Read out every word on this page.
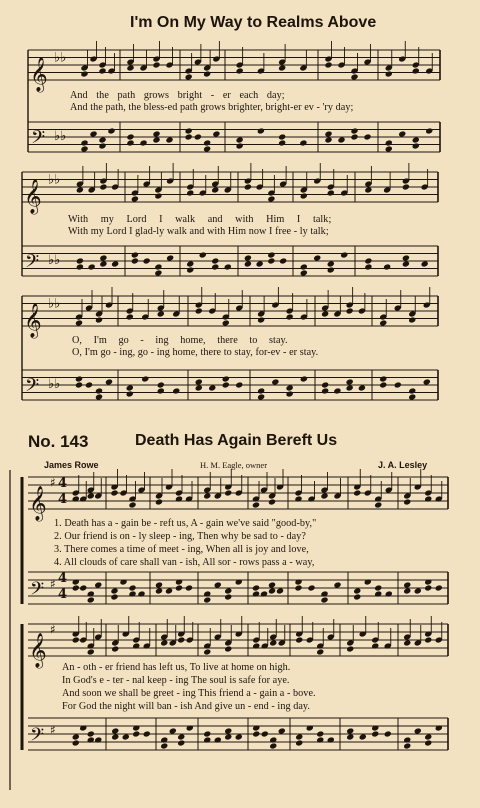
𝄞
𝄢
♭♭
♭♭
𝄞
𝄢
♭♭
♭♭
𝄞
𝄢
♭♭
♭♭
𝄞
𝄢
♯
♯
𝄞
𝄢
♯
♯
4
4
4
4
I'm On My Way to Realms Above
And the path grows bright - er each day;
And the path, the bless-ed path grows brighter, bright-er ev - 'ry day;
With my Lord I walk and with Him I talk;
With my Lord I glad-ly walk and with Him now I free - ly talk;
O, I'm go - ing home, there to stay.
O, I'm go - ing, go - ing home, there to stay, for-ev - er stay.
No. 143	Death Has Again Bereft Us
James Rowe	H. M. Eagle, owner	J. A. Lesley
1. Death has a - gain be - reft us, A - gain we've said "good-by,"
2. Our friend is on - ly sleep - ing, Then why be sad to - day?
3. There comes a time of meet - ing, When all is joy and love,
4. All clouds of care shall van - ish, All sor - rows pass a - way,
An - oth - er friend has left us, To live at home on high.
In God's e - ter - nal keep - ing The soul is safe for aye.
And soon we shall be greet - ing This friend a - gain a - bove.
For God the night will ban - ish And give un - end - ing day.
